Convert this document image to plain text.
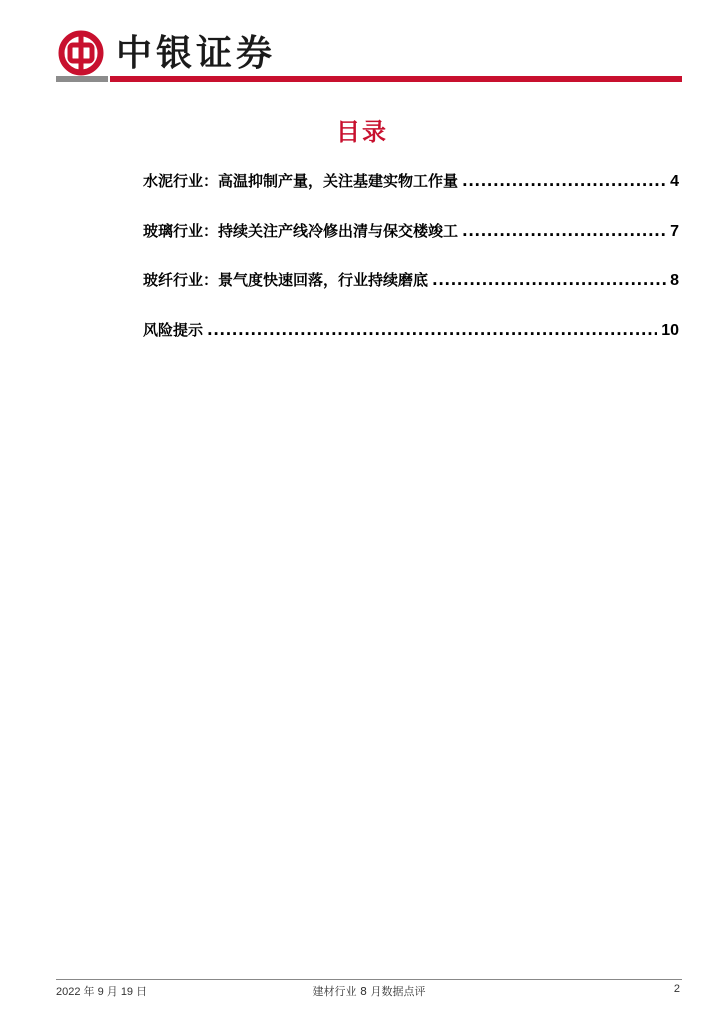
中银证券
目录
水泥行业：高温抑制产量，关注基建实物工作量 .....	4
玻璃行业：持续关注产线冷修出清与保交楼竣工 .....	7
玻纤行业：景气度快速回落，行业持续磨底 .....	8
风险提示 .....	10
2022 年 9 月 19 日	建材行业 8 月数据点评	2
